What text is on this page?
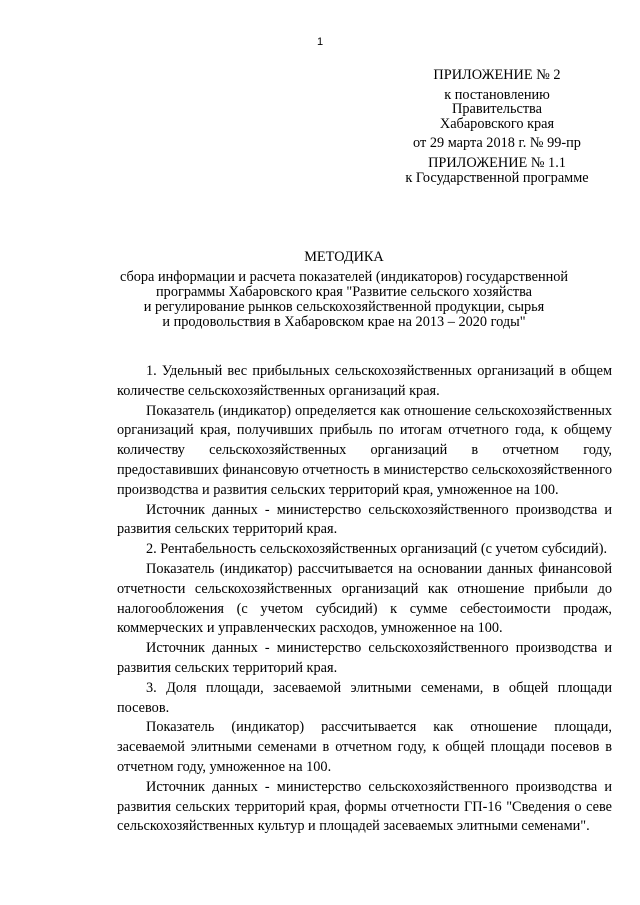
1
ПРИЛОЖЕНИЕ № 2
к постановлению
Правительства
Хабаровского края
от 29 марта 2018 г. № 99-пр
ПРИЛОЖЕНИЕ № 1.1
к Государственной программе
МЕТОДИКА
сбора информации и расчета показателей (индикаторов) государственной
программы Хабаровского края "Развитие сельского хозяйства
и регулирование рынков сельскохозяйственной продукции, сырья
и продовольствия в Хабаровском крае на 2013 – 2020 годы"

1. Удельный вес прибыльных сельскохозяйственных организаций в общем количестве сельскохозяйственных организаций края.

Показатель (индикатор) определяется как отношение сельскохозяйственных организаций края, получивших прибыль по итогам отчетного года, к общему количеству сельскохозяйственных организаций в отчетном году, предоставивших финансовую отчетность в министерство сельскохозяйственного производства и развития сельских территорий края, умноженное на 100.

Источник данных - министерство сельскохозяйственного производства и развития сельских территорий края.

2. Рентабельность сельскохозяйственных организаций (с учетом субсидий).

Показатель (индикатор) рассчитывается на основании данных финансовой отчетности сельскохозяйственных организаций как отношение прибыли до налогообложения (с учетом субсидий) к сумме себестоимости продаж, коммерческих и управленческих расходов, умноженное на 100.

Источник данных - министерство сельскохозяйственного производства и развития сельских территорий края.

3. Доля площади, засеваемой элитными семенами, в общей площади посевов.

Показатель (индикатор) рассчитывается как отношение площади, засеваемой элитными семенами в отчетном году, к общей площади посевов в отчетном году, умноженное на 100.

Источник данных - министерство сельскохозяйственного производства и развития сельских территорий края, формы отчетности ГП-16 "Сведения о севе сельскохозяйственных культур и площадей засеваемых элитными семенами".
